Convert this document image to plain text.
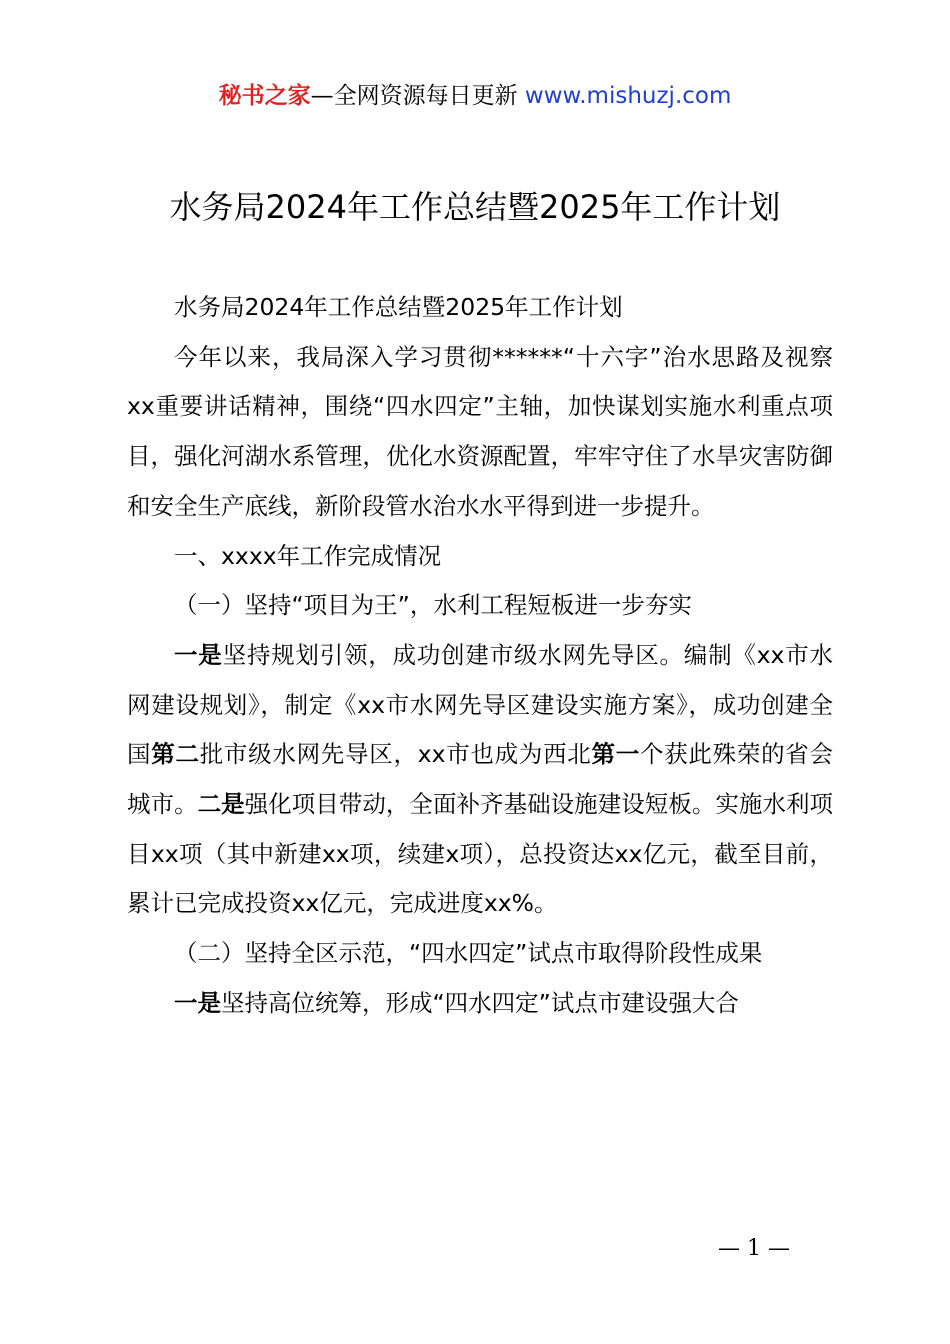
秘书之家—全网资源每日更新 www.mishuzj.com
水务局2024年工作总结暨2025年工作计划

水务局2024年工作总结暨2025年工作计划

今年以来，我局深入学习贯彻******“十六字”治水思路及视察xx重要讲话精神，围绕“四水四定”主轴，加快谋划实施水利重点项目，强化河湖水系管理，优化水资源配置，牢牢守住了水旱灾害防御和安全生产底线，新阶段管水治水水平得到进一步提升。

一、xxxx年工作完成情况

（一）坚持“项目为王”，水利工程短板进一步夯实

一是坚持规划引领，成功创建市级水网先导区。编制《xx市水网建设规划》，制定《xx市水网先导区建设实施方案》，成功创建全国第二批市级水网先导区，xx市也成为西北第一个获此殊荣的省会城市。二是强化项目带动，全面补齐基础设施建设短板。实施水利项目xx项（其中新建xx项，续建x项），总投资达xx亿元，截至目前，累计已完成投资xx亿元，完成进度xx%。

（二）坚持全区示范，“四水四定”试点市取得阶段性成果

一是坚持高位统筹，形成“四水四定”试点市建设强大合

— 1 —
